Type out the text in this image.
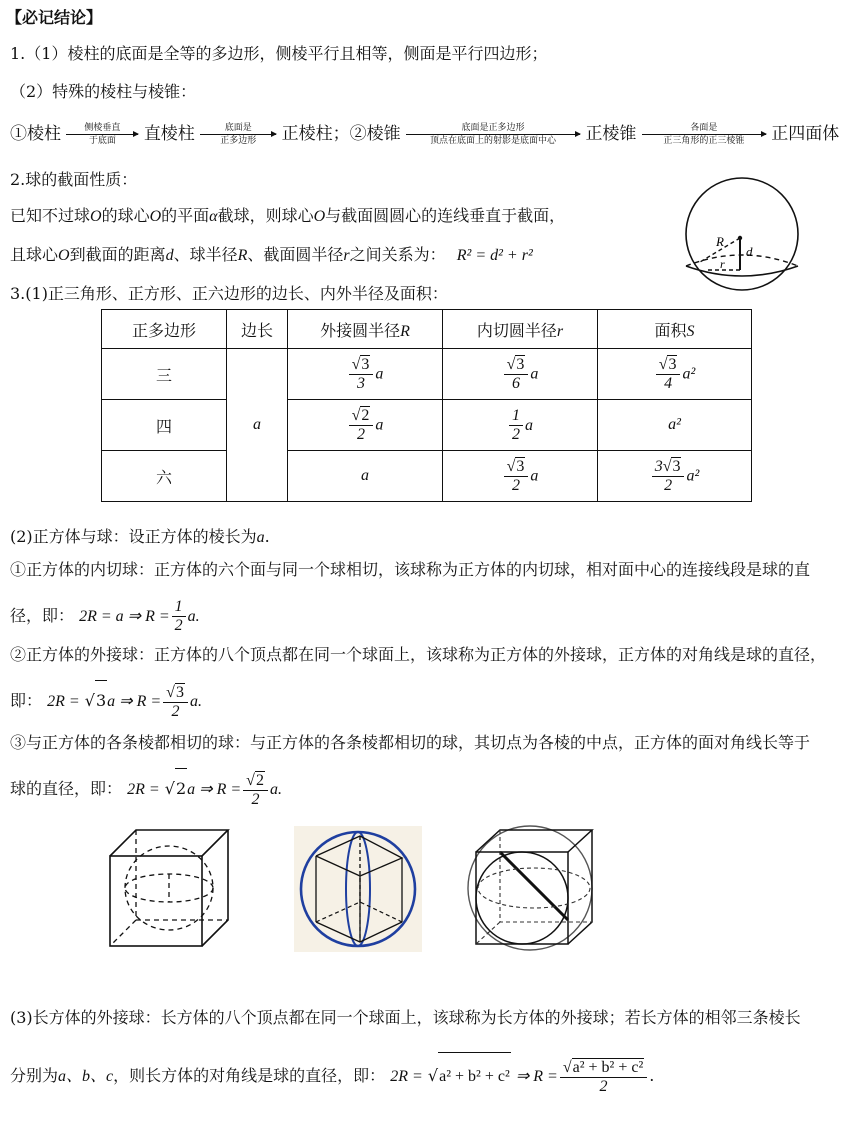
【必记结论】
1.（1）棱柱的底面是全等的多边形，侧棱平行且相等，侧面是平行四边形；
（2）特殊的棱柱与棱锥：
①棱柱	侧棱垂直
于底面	直棱柱	底面是
正多边形	正棱柱；②棱锥	底面是正多边形
顶点在底面上的射影是底面中心	正棱锥	各面是
正三角形的正三棱锥	正四面体
2.球的截面性质：
已知不过球O的球心O的平面α截球，则球心O与截面圆圆心的连线垂直于截面，
且球心O到截面的距离d、球半径R、截面圆半径r之间关系为： R² = d² + r²
R
d
r
3.(1)正三角形、正方形、正六边形的边长、内外半径及面积：
正多边形	边长	外接圆半径R	内切圆半径r	面积S
三	a	$\frac{√3}{3}$ a	$\frac{√3}{6}$ a	$\frac{√3}{4} a^2$
四		$\frac{√2}{2}$ a	$\frac{1}{2}$ a	a²
六		a	$\frac{√3}{2}$ a	$\frac{3√3}{2} a^2$
(2)正方体与球：设正方体的棱长为a.
①正方体的内切球：正方体的六个面与同一个球相切，该球称为正方体的内切球，相对面中心的连接线段是球的直
径，即： 2R = a ⇒ $R = \frac{1}{2} a$.
②正方体的外接球：正方体的八个顶点都在同一个球面上，该球称为正方体的外接球，正方体的对角线是球的直径，
即： 2R = √3a ⇒ $R = \frac{√3}{2} a$.
③与正方体的各条棱都相切的球：与正方体的各条棱都相切的球，其切点为各棱的中点，正方体的面对角线长等于
球的直径，即： 2R = √2a ⇒ $R = \frac{√2}{2} a$.
(3)长方体的外接球：长方体的八个顶点都在同一个球面上，该球称为长方体的外接球；若长方体的相邻三条棱长
分别为a、b、c，则长方体的对角线是球的直径，即： 2R = √a² + b² + c² ⇒ $R = \frac{\text{√a² + b² + c²}}{2}$ .
